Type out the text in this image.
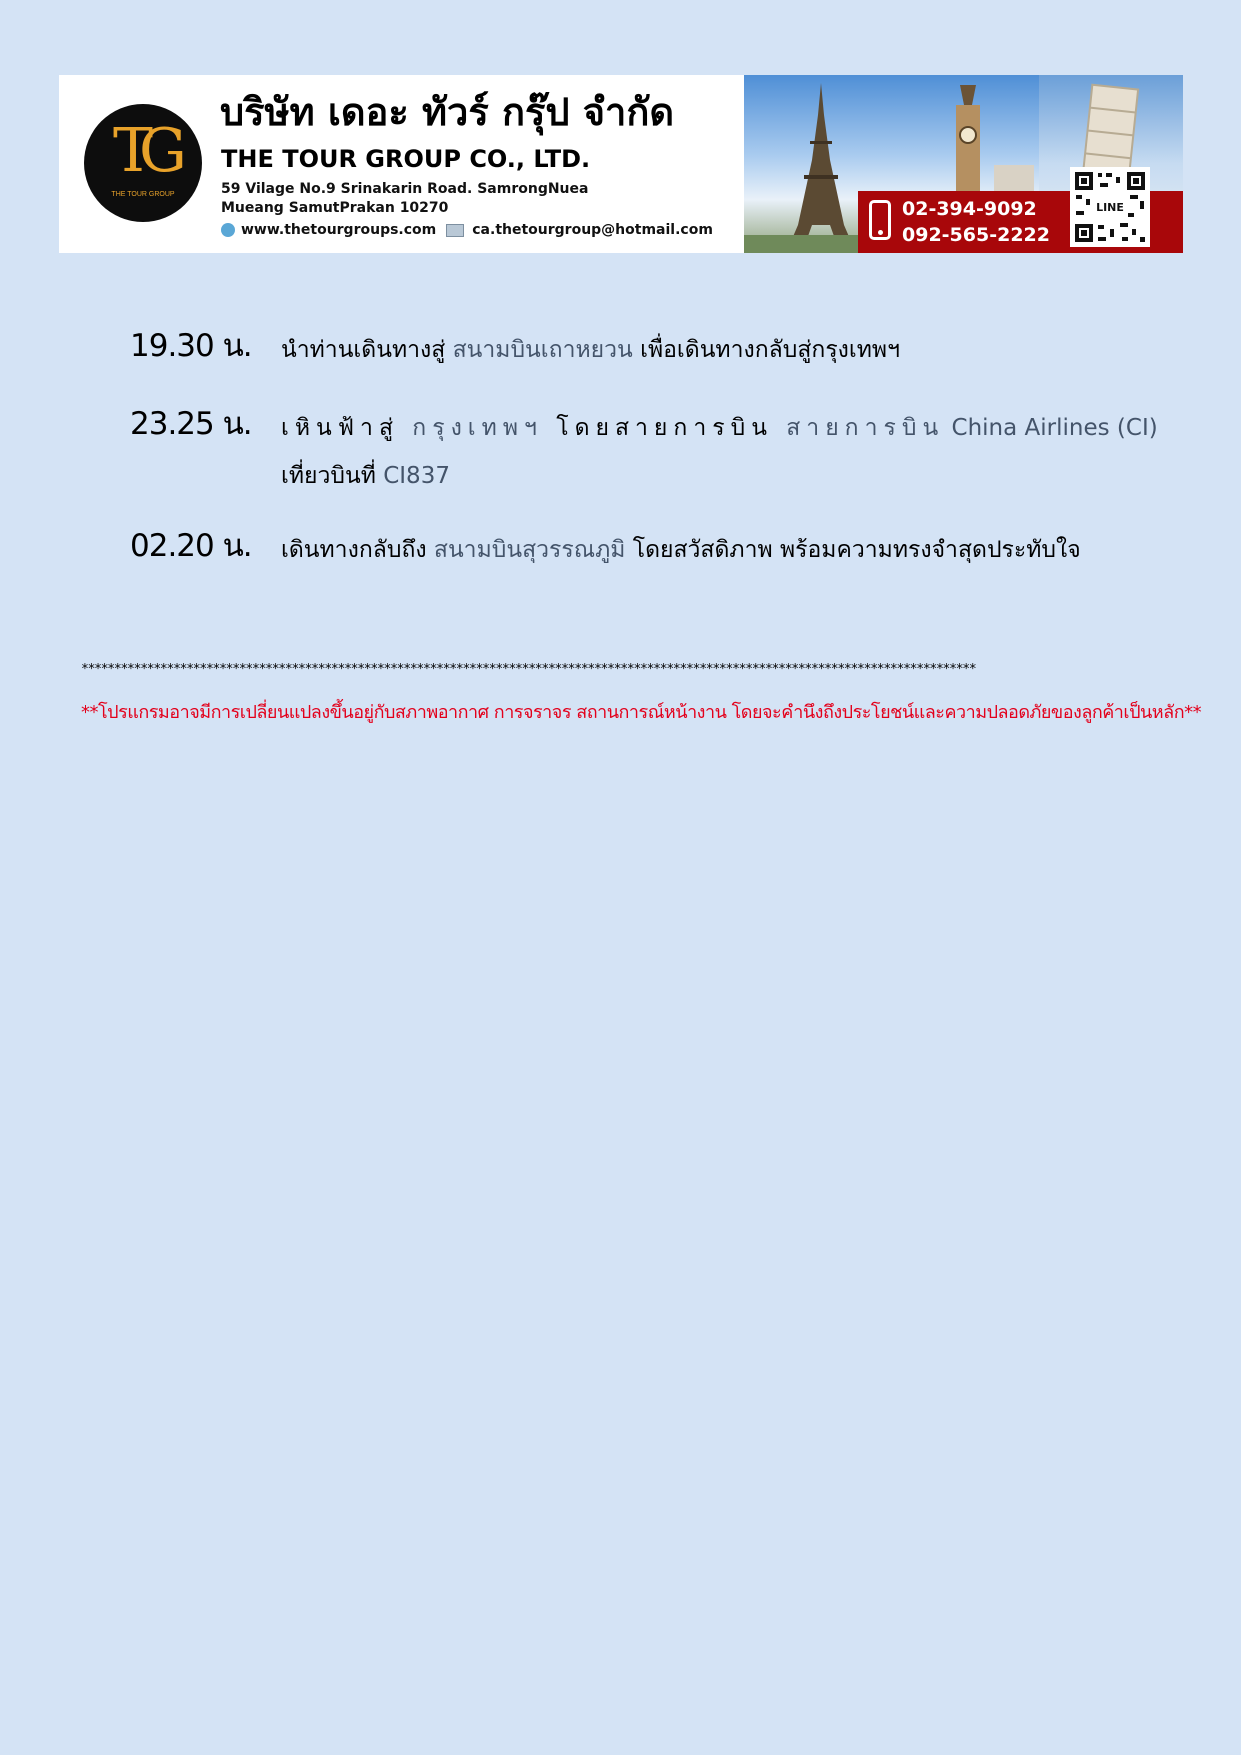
TG
THE TOUR GROUP
บริษัท เดอะ ทัวร์ กรุ๊ป จำกัด
THE TOUR GROUP CO., LTD.
59 Vilage No.9 Srinakarin Road. SamrongNuea
Mueang SamutPrakan 10270
www.thetourgroups.com	ca.thetourgroup@hotmail.com
02-394-9092
092-565-2222
LINE
19.30 น. นำท่านเดินทางสู่ สนามบินเถาหยวน เพื่อเดินทางกลับสู่กรุงเทพฯ
23.25 น. เหินฟ้าสู่ กรุงเทพฯ โดยสายการบิน สายการบิน China Airlines (CI)
เที่ยวบินที่ CI837
02.20 น. เดินทางกลับถึง สนามบินสุวรรณภูมิ โดยสวัสดิภาพ พร้อมความทรงจำสุดประทับใจ
****************************************************************************************************************************************
**โปรแกรมอาจมีการเปลี่ยนแปลงขึ้นอยู่กับสภาพอากาศ การจราจร สถานการณ์หน้างาน โดยจะคำนึงถึงประโยชน์และความปลอดภัยของลูกค้าเป็นหลัก**
